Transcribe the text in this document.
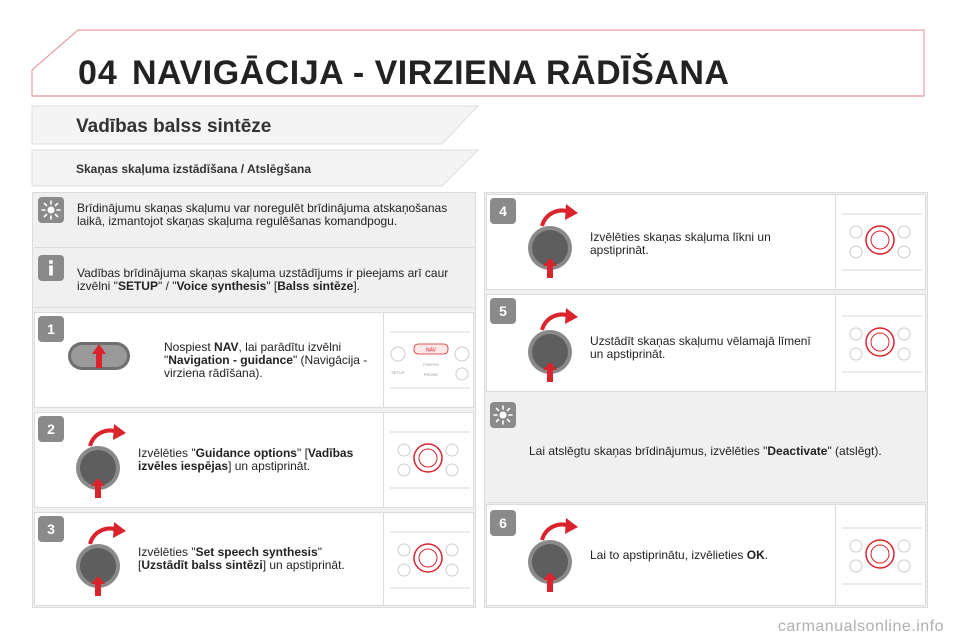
04 NAVIGĀCIJA - VIRZIENA RĀDĪŠANA
Vadības balss sintēze
Skaņas skaļuma izstādīšana / Atslēgšana
Brīdinājumu skaņas skaļumu var noregulēt brīdinājuma atskaņošanas laikā, izmantojot skaņas skaļuma regulēšanas komandpogu.
Vadības brīdinājuma skaņas skaļuma uzstādījums ir pieejams arī caur izvēlni "SETUP" / "Voice synthesis" [Balss sintēze].
1
Nospiest NAV, lai parādītu izvēlni "Navigation - guidance" (Navigācija - virziena rādīšana).
NAV
TRAFFIC
PHONE
SETUP
2
Izvēlēties "Guidance options" [Vadības izvēles iespējas] un apstiprināt.
3
Izvēlēties "Set speech synthesis" [Uzstādīt balss sintēzi] un apstiprināt.
4
Izvēlēties skaņas skaļuma līkni un apstiprināt.
5
Uzstādīt skaņas skaļumu vēlamajā līmenī un apstiprināt.
Lai atslēgtu skaņas brīdinājumus, izvēlēties "Deactivate" (atslēgt).
6
Lai to apstiprinātu, izvēlieties OK.
carmanualsonline.info
